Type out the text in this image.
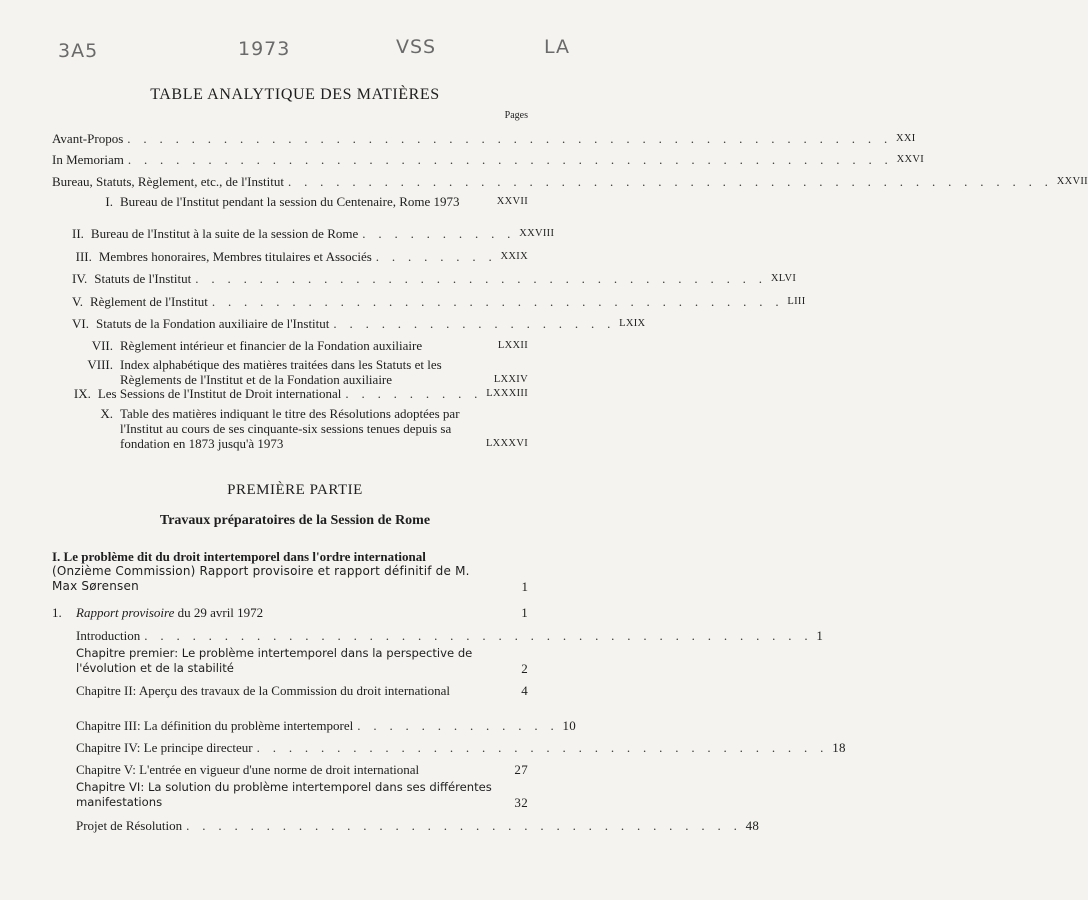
3A5	1973	VSS	LA
TABLE ANALYTIQUE DES MATIÈRES
Pages
Avant-Propos . . . . . . . . . . . . . . . . . . . . . . . . . . . . . . . . . . . . . . . . . . . . . . . . XXI
In Memoriam . . . . . . . . . . . . . . . . . . . . . . . . . . . . . . . . . . . . . . . . . . . . . . . . XXVI
Bureau, Statuts, Règlement, etc., de l'Institut . . . . . . . . . . . . . . . . . . . . . . . . . . . . . . . . . . . . . . . . . . . . . . . . XXVII
I. Bureau de l'Institut pendant la session du Centenaire, Rome 1973	XXVII
II. Bureau de l'Institut à la suite de la session de Rome . . . . . . . . . . XXVIII
III. Membres honoraires, Membres titulaires et Associés . . . . . . . . XXIX
IV. Statuts de l'Institut . . . . . . . . . . . . . . . . . . . . . . . . . . . . . . . . . . . . XLVI
V. Règlement de l'Institut . . . . . . . . . . . . . . . . . . . . . . . . . . . . . . . . . . . . LIII
VI. Statuts de la Fondation auxiliaire de l'Institut . . . . . . . . . . . . . . . . . . LXIX
VII. Règlement intérieur et financier de la Fondation auxiliaire	LXXII
VIII. Index alphabétique des matières traitées dans les Statuts et les Règlements de l'Institut et de la Fondation auxiliaire	LXXIV
IX. Les Sessions de l'Institut de Droit international . . . . . . . . . LXXXIII
X. Table des matières indiquant le titre des Résolutions adoptées par l'Institut au cours de ses cinquante-six sessions tenues depuis sa fondation en 1873 jusqu'à 1973	LXXXVI
PREMIÈRE PARTIE
Travaux préparatoires de la Session de Rome
I. Le problème dit du droit intertemporel dans l'ordre international
(Onzième Commission) Rapport provisoire et rapport définitif de M. Max Sørensen	1
1.	Rapport provisoire du 29 avril 1972	1
Introduction . . . . . . . . . . . . . . . . . . . . . . . . . . . . . . . . . . . . . . . . . . 1
Chapitre premier: Le problème intertemporel dans la perspective de l'évolution et de la stabilité	2
Chapitre II: Aperçu des travaux de la Commission du droit international	4
Chapitre III: La définition du problème intertemporel . . . . . . . . . . . . . 10
Chapitre IV: Le principe directeur . . . . . . . . . . . . . . . . . . . . . . . . . . . . . . . . . . . . 18
Chapitre V: L'entrée en vigueur d'une norme de droit international	27
Chapitre VI: La solution du problème intertemporel dans ses différentes manifestations	32
Projet de Résolution . . . . . . . . . . . . . . . . . . . . . . . . . . . . . . . . . . . 48
